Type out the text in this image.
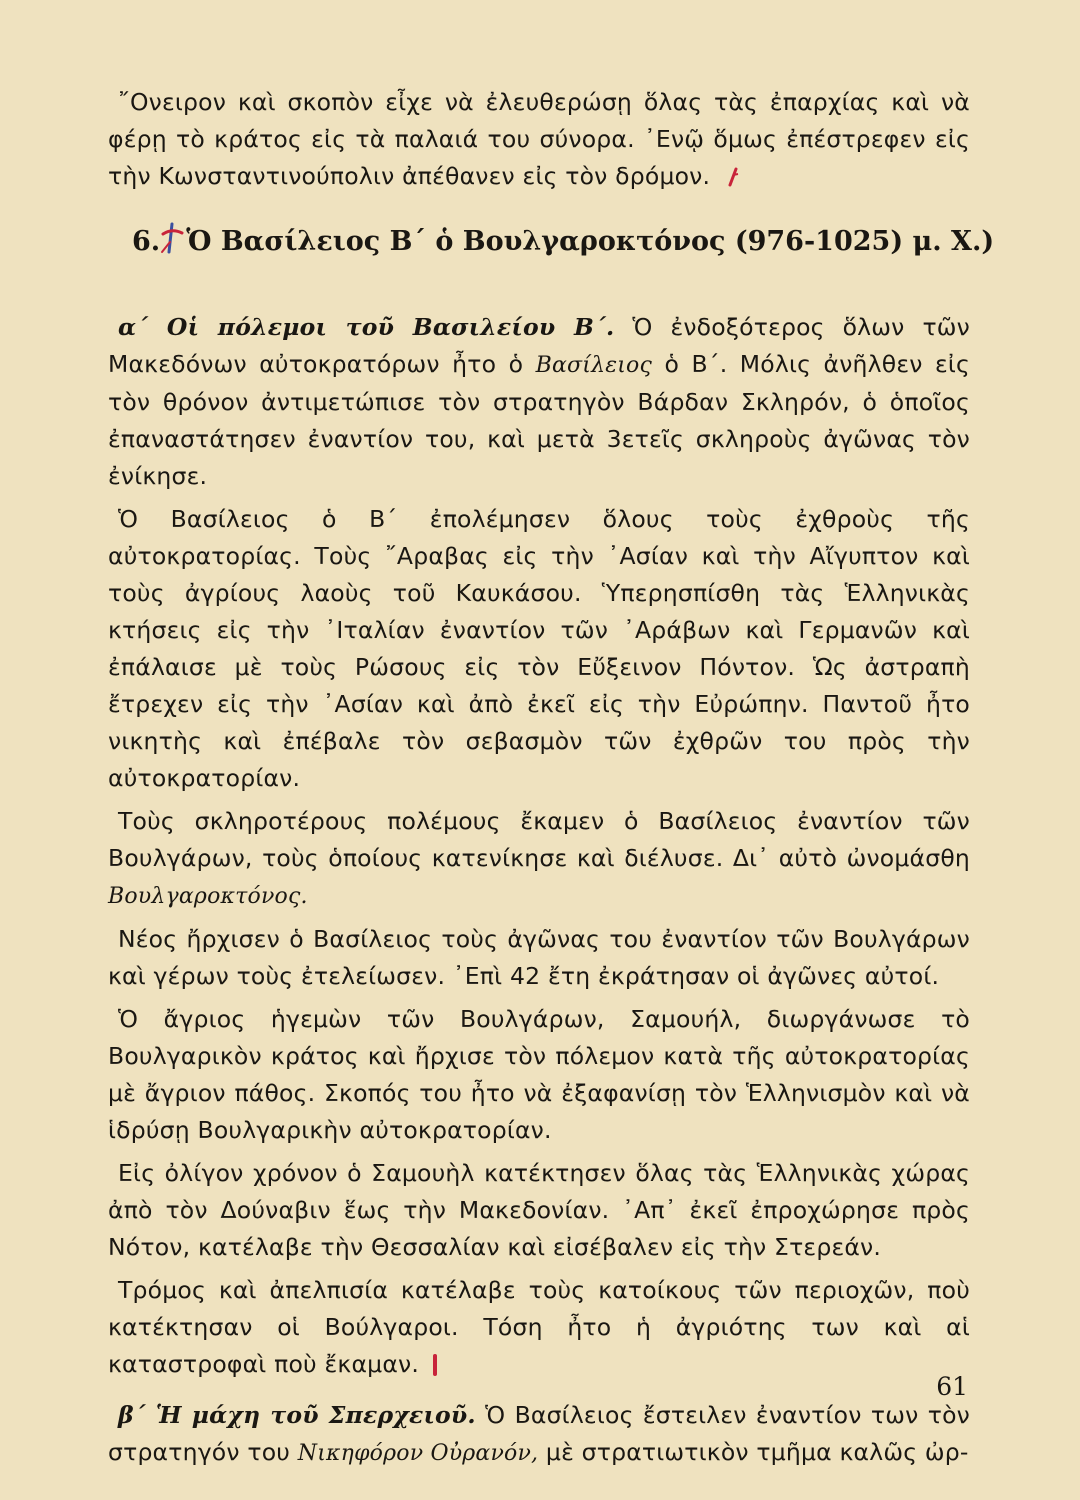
῎Ονειρον καὶ σκοπὸν εἶχε νὰ ἐλευθερώσῃ ὅλας τὰς ἐπαρχίας καὶ νὰ φέρῃ τὸ κράτος εἰς τὰ παλαιά του σύνορα. ᾿Ενῷ ὅμως ἐπέστρεφεν εἰς τὴν Κωνσταντινούπολιν ἀπέθανεν εἰς τὸν δρόμον.

6. Ὁ Βασίλειος Β΄ ὁ Βουλγαροκτόνος (976-1025) μ. Χ.)

α΄ Οἱ πόλεμοι τοῦ Βασιλείου Β΄. Ὁ ἐνδοξότερος ὅλων τῶν Μακεδόνων αὐτοκρατόρων ἦτο ὁ Βασίλειος ὁ Β΄. Μόλις ἀνῆλθεν εἰς τὸν θρόνον ἀντιμετώπισε τὸν στρατηγὸν Βάρδαν Σκληρόν, ὁ ὁποῖος ἐπαναστάτησεν ἐναντίον του, καὶ μετὰ 3ετεῖς σκληροὺς ἀγῶνας τὸν ἐνίκησε.

Ὁ Βασίλειος ὁ Β΄ ἐπολέμησεν ὅλους τοὺς ἐχθροὺς τῆς αὐτοκρατορίας. Τοὺς ῎Αραβας εἰς τὴν ᾿Ασίαν καὶ τὴν Αἴγυπτον καὶ τοὺς ἀγρίους λαοὺς τοῦ Καυκάσου. Ὑπερησπίσθη τὰς Ἑλληνικὰς κτήσεις εἰς τὴν ᾿Ιταλίαν ἐναντίον τῶν ᾿Αράβων καὶ Γερμανῶν καὶ ἐπάλαισε μὲ τοὺς Ρώσους εἰς τὸν Εὔξεινον Πόντον. Ὡς ἀστραπὴ ἔτρεχεν εἰς τὴν ᾿Ασίαν καὶ ἀπὸ ἐκεῖ εἰς τὴν Εὐρώπην. Παντοῦ ἦτο νικητὴς καὶ ἐπέβαλε τὸν σεβασμὸν τῶν ἐχθρῶν του πρὸς τὴν αὐτοκρατορίαν.

Τοὺς σκληροτέρους πολέμους ἔκαμεν ὁ Βασίλειος ἐναντίον τῶν Βουλγάρων, τοὺς ὁποίους κατενίκησε καὶ διέλυσε. Δι᾿ αὐτὸ ὠνομάσθη Βουλγαροκτόνος.

Νέος ἤρχισεν ὁ Βασίλειος τοὺς ἀγῶνας του ἐναντίον τῶν Βουλγάρων καὶ γέρων τοὺς ἐτελείωσεν. ᾿Επὶ 42 ἔτη ἐκράτησαν οἱ ἀγῶνες αὐτοί.

Ὁ ἄγριος ἡγεμὼν τῶν Βουλγάρων, Σαμουήλ, διωργάνωσε τὸ Βουλγαρικὸν κράτος καὶ ἤρχισε τὸν πόλεμον κατὰ τῆς αὐτοκρατορίας μὲ ἄγριον πάθος. Σκοπός του ἦτο νὰ ἐξαφανίσῃ τὸν Ἑλληνισμὸν καὶ νὰ ἱδρύσῃ Βουλγαρικὴν αὐτοκρατορίαν.

Εἰς ὀλίγον χρόνον ὁ Σαμουὴλ κατέκτησεν ὅλας τὰς Ἑλληνικὰς χώρας ἀπὸ τὸν Δούναβιν ἕως τὴν Μακεδονίαν. ᾿Απ᾿ ἐκεῖ ἐπροχώρησε πρὸς Νότον, κατέλαβε τὴν Θεσσαλίαν καὶ εἰσέβαλεν εἰς τὴν Στερεάν.

Τρόμος καὶ ἀπελπισία κατέλαβε τοὺς κατοίκους τῶν περιοχῶν, ποὺ κατέκτησαν οἱ Βούλγαροι. Τόση ἦτο ἡ ἀγριότης των καὶ αἱ καταστροφαὶ ποὺ ἔκαμαν.

β΄ Ἡ μάχη τοῦ Σπερχειοῦ. Ὁ Βασίλειος ἔστειλεν ἐναντίον των τὸν στρατηγόν του Νικηφόρον Οὐρανόν, μὲ στρατιωτικὸν τμῆμα καλῶς ὠρ-

61
